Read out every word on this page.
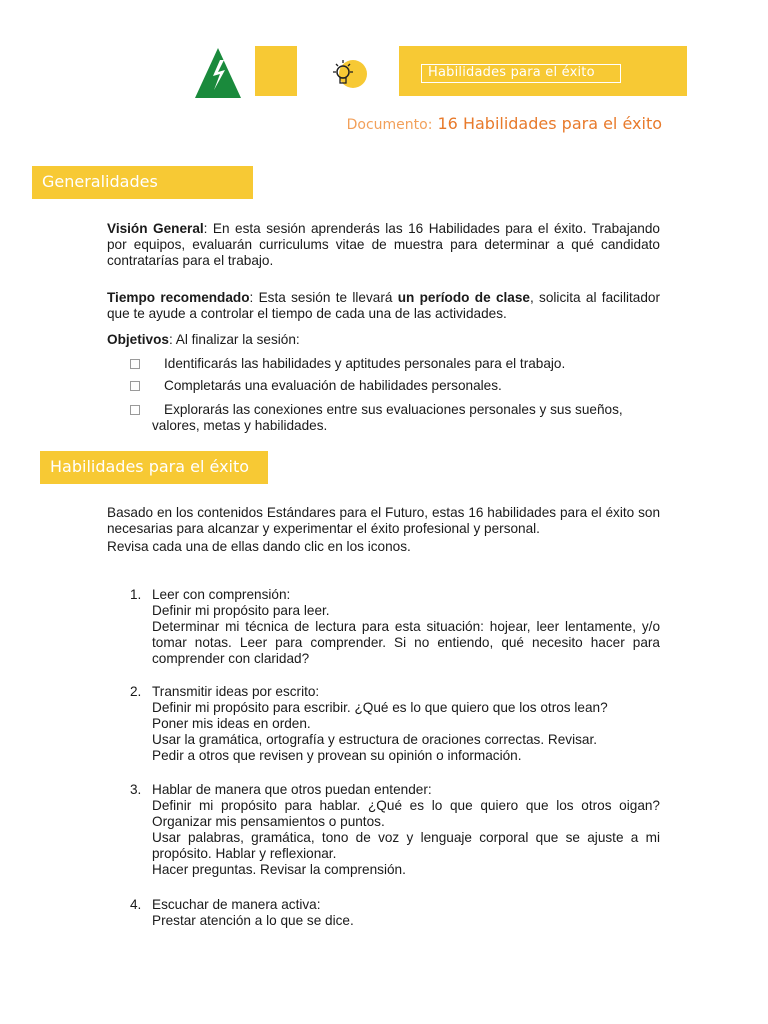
Habilidades para el éxito
Documento: 16 Habilidades para el éxito
Generalidades
Visión General: En esta sesión aprenderás las 16 Habilidades para el éxito. Trabajando por equipos, evaluarán curriculums vitae de muestra para determinar a qué candidato contratarías para el trabajo.
Tiempo recomendado: Esta sesión te llevará un período de clase, solicita al facilitador que te ayude a controlar el tiempo de cada una de las actividades.
Objetivos: Al finalizar la sesión:
Identificarás las habilidades y aptitudes personales para el trabajo.
Completarás una evaluación de habilidades personales.
Explorarás las conexiones entre sus evaluaciones personales y sus sueños,
valores, metas y habilidades.
Habilidades para el éxito
Basado en los contenidos Estándares para el Futuro, estas 16 habilidades para el éxito son necesarias para alcanzar y experimentar el éxito profesional y personal.
Revisa cada una de ellas dando clic en los iconos.
1. Leer con comprensión:
Definir mi propósito para leer.
Determinar mi técnica de lectura para esta situación: hojear, leer lentamente, y/o tomar notas. Leer para comprender. Si no entiendo, qué necesito hacer para comprender con claridad?
2. Transmitir ideas por escrito:
Definir mi propósito para escribir. ¿Qué es lo que quiero que los otros lean?
Poner mis ideas en orden.
Usar la gramática, ortografía y estructura de oraciones correctas. Revisar.
Pedir a otros que revisen y provean su opinión o información.
3. Hablar de manera que otros puedan entender:
Definir mi propósito para hablar. ¿Qué es lo que quiero que los otros oigan? Organizar mis pensamientos o puntos.
Usar palabras, gramática, tono de voz y lenguaje corporal que se ajuste a mi propósito. Hablar y reflexionar.
Hacer preguntas. Revisar la comprensión.
4. Escuchar de manera activa:
Prestar atención a lo que se dice.
